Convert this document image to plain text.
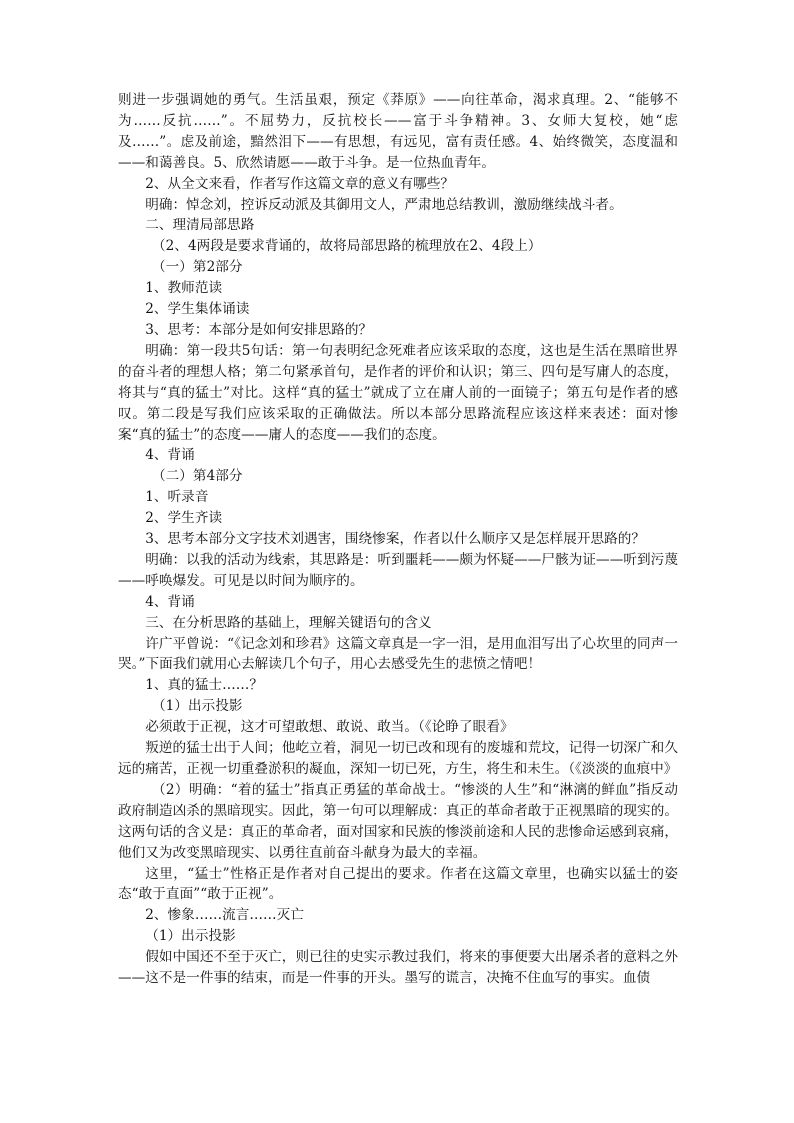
则进一步强调她的勇气。生活虽艰，预定《莽原》——向往革命，渴求真理。2、“能够不为……反抗……”。不屈势力，反抗校长——富于斗争精神。3、女师大复校，她“虑及……”。虑及前途，黯然泪下——有思想，有远见，富有责任感。4、始终微笑，态度温和——和蔼善良。5、欣然请愿——敢于斗争。是一位热血青年。

2、从全文来看，作者写作这篇文章的意义有哪些？

明确：悼念刘，控诉反动派及其御用文人，严肃地总结教训，激励继续战斗者。

二、理清局部思路

（2、4两段是要求背诵的，故将局部思路的梳理放在2、4段上）

（一）第2部分

1、教师范读

2、学生集体诵读

3、思考：本部分是如何安排思路的？

明确：第一段共5句话：第一句表明纪念死难者应该采取的态度，这也是生活在黑暗世界的奋斗者的理想人格；第二句紧承首句，是作者的评价和认识；第三、四句是写庸人的态度，将其与“真的猛士”对比。这样“真的猛士”就成了立在庸人前的一面镜子；第五句是作者的感叹。第二段是写我们应该采取的正确做法。所以本部分思路流程应该这样来表述：面对惨案“真的猛士”的态度——庸人的态度——我们的态度。

4、背诵

（二）第4部分

1、听录音

2、学生齐读

3、思考本部分文字技术刘遇害，围绕惨案，作者以什么顺序又是怎样展开思路的？

明确：以我的活动为线索，其思路是：听到噩耗——颇为怀疑——尸骸为证——听到污蔑——呼唤爆发。可见是以时间为顺序的。

4、背诵

三、在分析思路的基础上，理解关键语句的含义

许广平曾说：“《记念刘和珍君》这篇文章真是一字一泪，是用血泪写出了心坎里的同声一哭。”下面我们就用心去解读几个句子，用心去感受先生的悲愤之情吧！

1、真的猛士……？

（1）出示投影

必须敢于正视，这才可望敢想、敢说、敢当。（《论睁了眼看》

叛逆的猛士出于人间；他屹立着，洞见一切已改和现有的废墟和荒坟，记得一切深广和久远的痛苦，正视一切重叠淤积的凝血，深知一切已死，方生，将生和未生。（《淡淡的血痕中》

（2）明确：“着的猛士”指真正勇猛的革命战士。“惨淡的人生”和“淋漓的鲜血”指反动政府制造凶杀的黑暗现实。因此，第一句可以理解成：真正的革命者敢于正视黑暗的现实的。这两句话的含义是：真正的革命者，面对国家和民族的惨淡前途和人民的悲惨命运感到哀痛，他们又为改变黑暗现实、以勇往直前奋斗献身为最大的幸福。

这里，“猛士”性格正是作者对自己提出的要求。作者在这篇文章里，也确实以猛士的姿态“敢于直面”“敢于正视”。

2、惨象……流言……灭亡

（1）出示投影

假如中国还不至于灭亡，则已往的史实示教过我们，将来的事便要大出屠杀者的意料之外——这不是一件事的结束，而是一件事的开头。墨写的谎言，决掩不住血写的事实。血债
